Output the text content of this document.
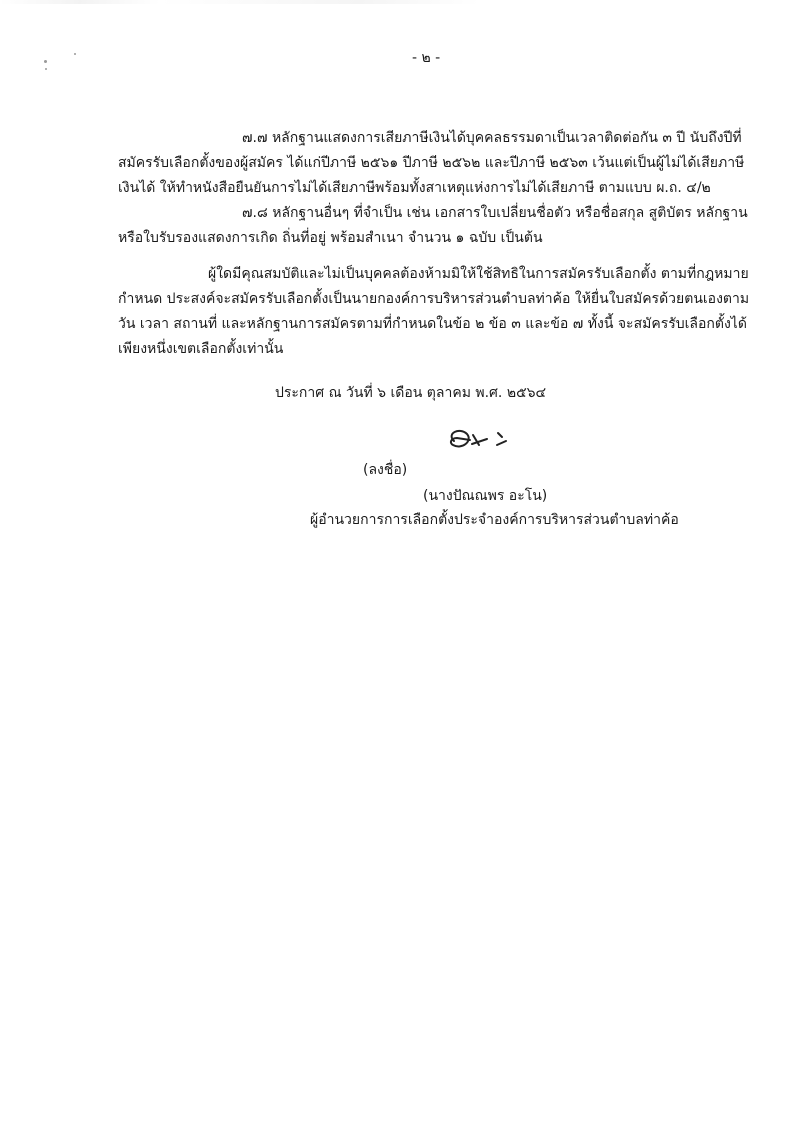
- ๒ -
๗.๗ หลักฐานแสดงการเสียภาษีเงินได้บุคคลธรรมดาเป็นเวลาติดต่อกัน ๓ ปี นับถึงปีที่
สมัครรับเลือกตั้งของผู้สมัคร ได้แก่ปีภาษี ๒๕๖๑ ปีภาษี ๒๕๖๒ และปีภาษี ๒๕๖๓ เว้นแต่เป็นผู้ไม่ได้เสียภาษี
เงินได้ ให้ทำหนังสือยืนยันการไม่ได้เสียภาษีพร้อมทั้งสาเหตุแห่งการไม่ได้เสียภาษี ตามแบบ ผ.ถ. ๔/๒
๗.๘ หลักฐานอื่นๆ ที่จำเป็น เช่น เอกสารใบเปลี่ยนชื่อตัว หรือชื่อสกุล สูติบัตร หลักฐาน
หรือใบรับรองแสดงการเกิด ถิ่นที่อยู่ พร้อมสำเนา จำนวน ๑ ฉบับ เป็นต้น
ผู้ใดมีคุณสมบัติและไม่เป็นบุคคลต้องห้ามมิให้ใช้สิทธิในการสมัครรับเลือกตั้ง ตามที่กฎหมาย
กำหนด ประสงค์จะสมัครรับเลือกตั้งเป็นนายกองค์การบริหารส่วนตำบลท่าค้อ ให้ยื่นใบสมัครด้วยตนเองตาม
วัน เวลา สถานที่ และหลักฐานการสมัครตามที่กำหนดในข้อ ๒ ข้อ ๓ และข้อ ๗ ทั้งนี้ จะสมัครรับเลือกตั้งได้
เพียงหนึ่งเขตเลือกตั้งเท่านั้น
ประกาศ ณ วันที่ ๖ เดือน ตุลาคม พ.ศ. ๒๕๖๔
(ลงชื่อ)
(นางปัณณพร อะโน)
ผู้อำนวยการการเลือกตั้งประจำองค์การบริหารส่วนตำบลท่าค้อ
